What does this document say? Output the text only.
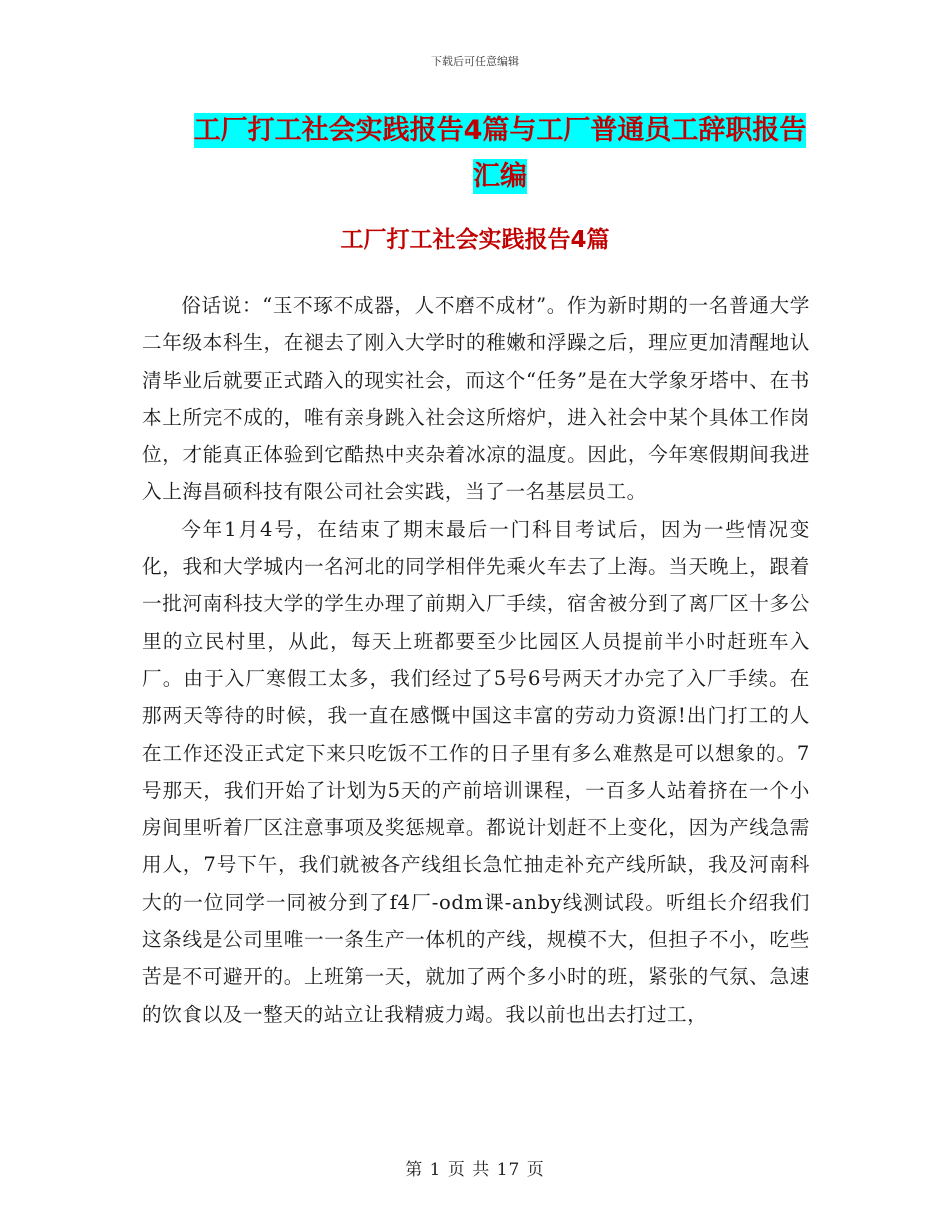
下载后可任意编辑
工厂打工社会实践报告4篇与工厂普通员工辞职报告
汇编
工厂打工社会实践报告4篇

俗话说：“玉不琢不成器，人不磨不成材”。作为新时期的一名普通大学二年级本科生，在褪去了刚入大学时的稚嫩和浮躁之后，理应更加清醒地认清毕业后就要正式踏入的现实社会，而这个“任务”是在大学象牙塔中、在书本上所完不成的，唯有亲身跳入社会这所熔炉，进入社会中某个具体工作岗位，才能真正体验到它酷热中夹杂着冰凉的温度。因此，今年寒假期间我进入上海昌硕科技有限公司社会实践，当了一名基层员工。

今年1月4号，在结束了期末最后一门科目考试后，因为一些情况变化，我和大学城内一名河北的同学相伴先乘火车去了上海。当天晚上，跟着一批河南科技大学的学生办理了前期入厂手续，宿舍被分到了离厂区十多公里的立民村里，从此，每天上班都要至少比园区人员提前半小时赶班车入厂。由于入厂寒假工太多，我们经过了5号6号两天才办完了入厂手续。在那两天等待的时候，我一直在感慨中国这丰富的劳动力资源!出门打工的人在工作还没正式定下来只吃饭不工作的日子里有多么难熬是可以想象的。7号那天，我们开始了计划为5天的产前培训课程，一百多人站着挤在一个小房间里听着厂区注意事项及奖惩规章。都说计划赶不上变化，因为产线急需用人，7号下午，我们就被各产线组长急忙抽走补充产线所缺，我及河南科大的一位同学一同被分到了f4厂-odm课-anby线测试段。听组长介绍我们这条线是公司里唯一一条生产一体机的产线，规模不大，但担子不小，吃些苦是不可避开的。上班第一天，就加了两个多小时的班，紧张的气氛、急速的饮食以及一整天的站立让我精疲力竭。我以前也出去打过工，

第 1 页 共 17 页
